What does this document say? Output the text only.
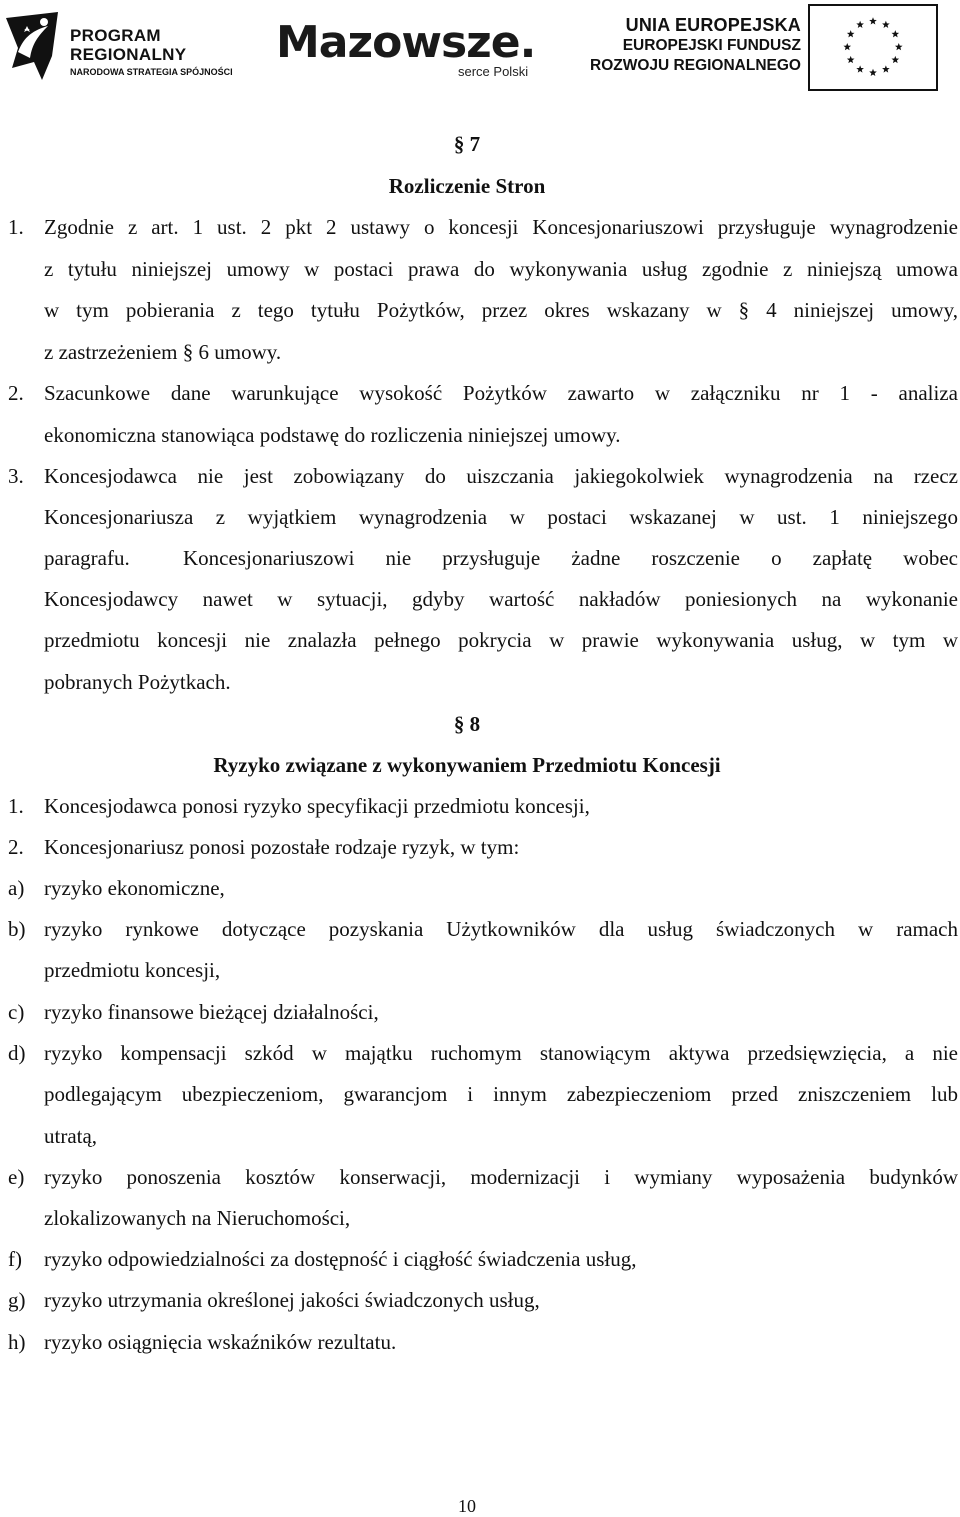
PROGRAM
REGIONALNY
NARODOWA STRATEGIA SPÓJNOŚCI
Mazowsze.
serce Polski
UNIA EUROPEJSKA
EUROPEJSKI FUNDUSZ
ROZWOJU REGIONALNEGO
§ 7
Rozliczenie Stron
1. Zgodnie z art. 1 ust. 2 pkt 2 ustawy o koncesji Koncesjonariuszowi przysługuje wynagrodzenie
z tytułu niniejszej umowy w postaci prawa do wykonywania usług zgodnie z niniejszą umowa
w tym pobierania z tego tytułu Pożytków, przez okres wskazany w § 4 niniejszej umowy,
z zastrzeżeniem § 6 umowy.
2. Szacunkowe dane warunkujące wysokość Pożytków zawarto w załączniku nr 1 - analiza
ekonomiczna stanowiąca podstawę do rozliczenia niniejszej umowy.
3. Koncesjodawca nie jest zobowiązany do uiszczania jakiegokolwiek wynagrodzenia na rzecz
Koncesjonariusza z wyjątkiem wynagrodzenia w postaci wskazanej w ust. 1 niniejszego
paragrafu.	Koncesjonariuszowi nie przysługuje żadne roszczenie o zapłatę wobec
Koncesjodawcy nawet w sytuacji, gdyby wartość nakładów poniesionych na wykonanie
przedmiotu koncesji nie znalazła pełnego pokrycia w prawie wykonywania usług, w tym w
pobranych Pożytkach.
§ 8
Ryzyko związane z wykonywaniem Przedmiotu Koncesji
1. Koncesjodawca ponosi ryzyko specyfikacji przedmiotu koncesji,
2. Koncesjonariusz ponosi pozostałe rodzaje ryzyk, w tym:
a) ryzyko ekonomiczne,
b) ryzyko rynkowe dotyczące pozyskania Użytkowników dla usług świadczonych w ramach
przedmiotu koncesji,
c) ryzyko finansowe bieżącej działalności,
d) ryzyko kompensacji szkód w majątku ruchomym stanowiącym aktywa przedsięwzięcia, a nie
podlegającym ubezpieczeniom, gwarancjom i innym zabezpieczeniom przed zniszczeniem lub
utratą,
e) ryzyko ponoszenia kosztów konserwacji, modernizacji i wymiany wyposażenia budynków
zlokalizowanych na Nieruchomości,
f) ryzyko odpowiedzialności za dostępność i ciągłość świadczenia usług,
g) ryzyko utrzymania określonej jakości świadczonych usług,
h) ryzyko osiągnięcia wskaźników rezultatu.
10
